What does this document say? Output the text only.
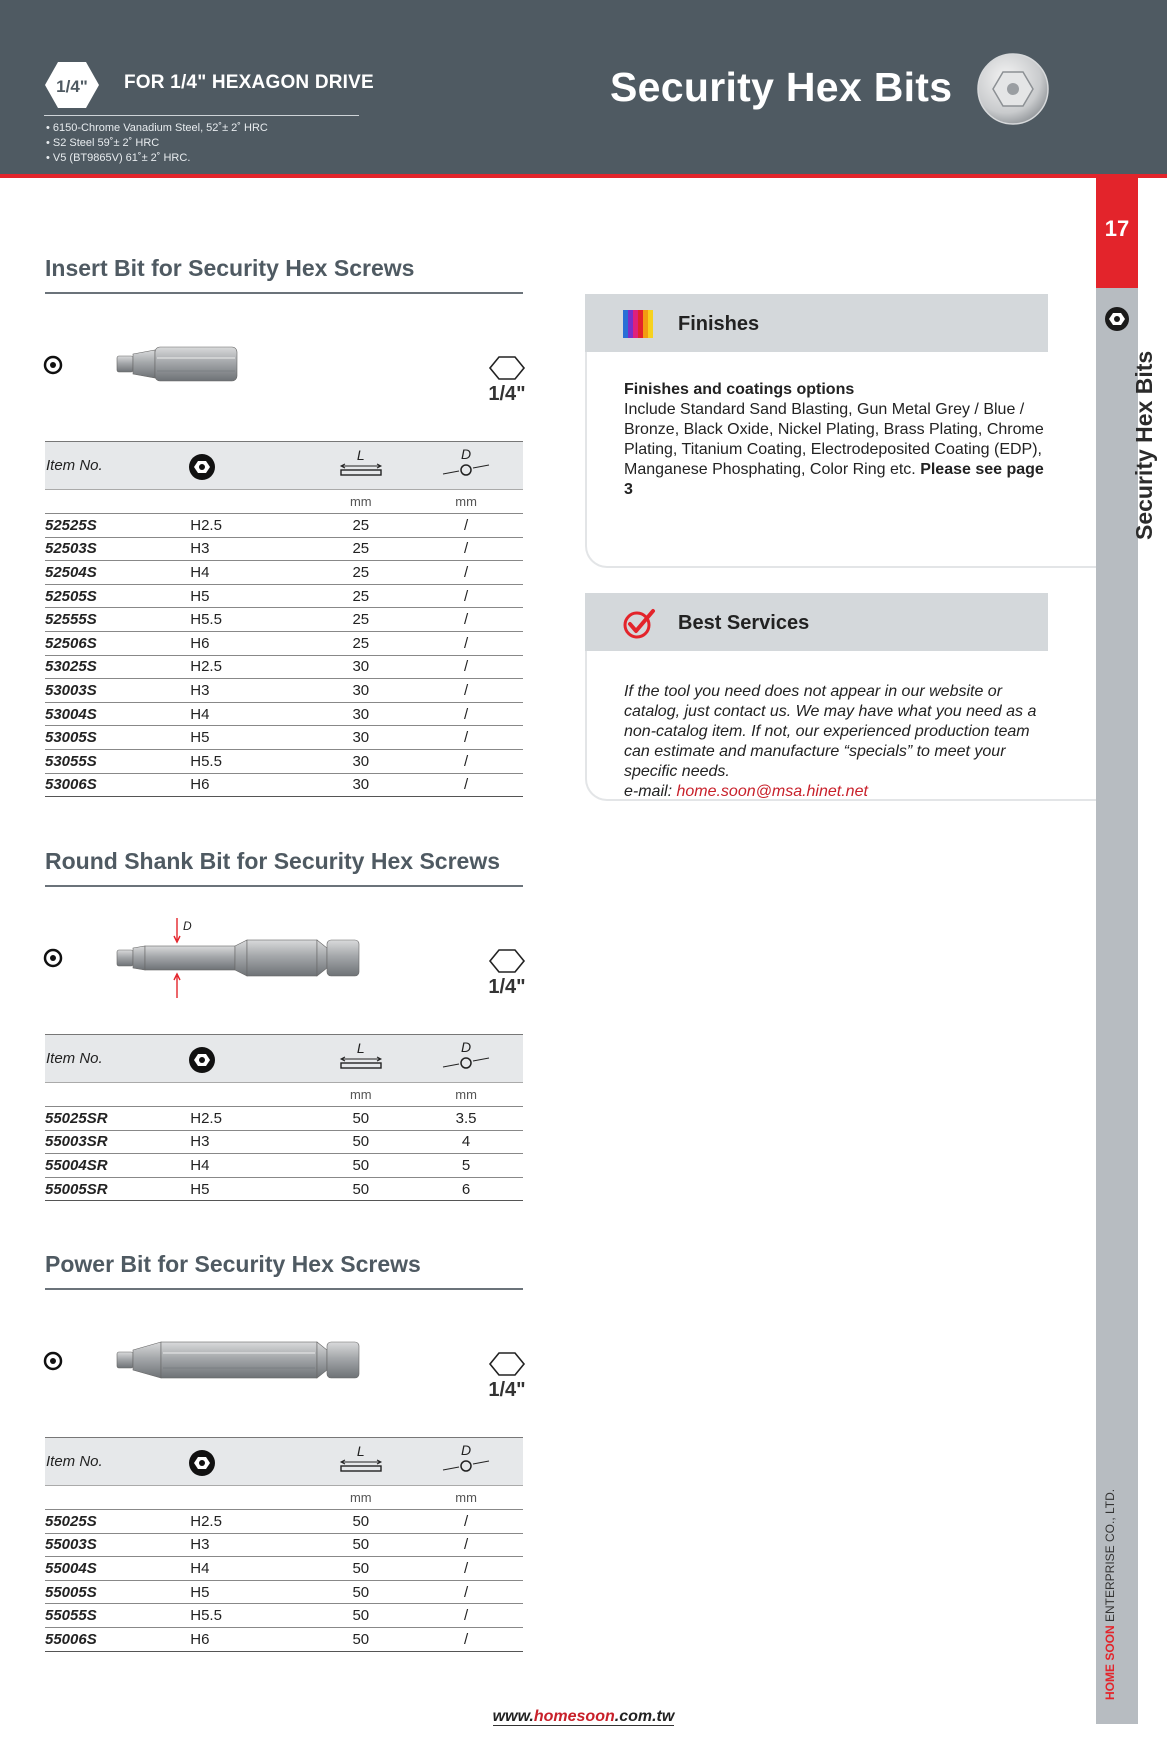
1/4" FOR 1/4" HEXAGON DRIVE
• 6150-Chrome Vanadium Steel, 52˚± 2˚ HRC
• S2 Steel 59˚± 2˚ HRC
• V5 (BT9865V) 61˚± 2˚ HRC.
Security Hex Bits
17
Security Hex Bits
HOME SOON ENTERPRISE CO., LTD.
Insert Bit for Security Hex Screws
1/4"
Item No.		L	D

		mm	mm
52525S	H2.5	25	/
52503S	H3	25	/
52504S	H4	25	/
52505S	H5	25	/
52555S	H5.5	25	/
52506S	H6	25	/
53025S	H2.5	30	/
53003S	H3	30	/
53004S	H4	30	/
53005S	H5	30	/
53055S	H5.5	30	/
53006S	H6	30	/
Round Shank Bit for Security Hex Screws
D
1/4"
Item No.		L	D

		mm	mm
55025SR	H2.5	50	3.5
55003SR	H3	50	4
55004SR	H4	50	5
55005SR	H5	50	6
Power Bit for Security Hex Screws
1/4"
Item No.		L	D

		mm	mm
55025S	H2.5	50	/
55003S	H3	50	/
55004S	H4	50	/
55005S	H5	50	/
55055S	H5.5	50	/
55006S	H6	50	/
Finishes
Finishes and coatings options
Include Standard Sand Blasting, Gun Metal Grey / Blue / Bronze, Black Oxide, Nickel Plating, Brass Plating, Chrome Plating, Titanium Coating, Electrodeposited Coating (EDP), Manganese Phosphating, Color Ring etc. Please see page 3
Best Services
If the tool you need does not appear in our website or catalog, just contact us. We may have what you need as a non-catalog item. If not, our experienced production team can estimate and manufacture “specials” to meet your specific needs.
e-mail: home.soon@msa.hinet.net
www.homesoon.com.tw
